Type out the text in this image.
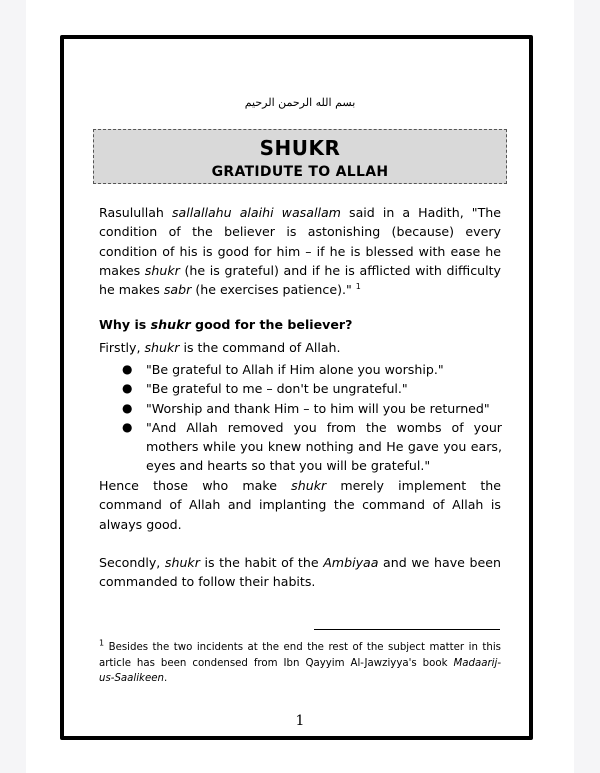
بسم الله الرحمن الرحيم
SHUKR
GRATIDUTE TO ALLAH
Rasulullah sallallahu alaihi wasallam said in a Hadith, "The
condition of the believer is astonishing (because) every
condition of his is good for him – if he is blessed with ease he
makes shukr (he is grateful) and if he is afflicted with difficulty
he makes sabr (he exercises patience)." $^1$
Why is shukr good for the believer?
Firstly, shukr is the command of Allah.
● "Be grateful to Allah if Him alone you worship."
● "Be grateful to me – don't be ungrateful."
● "Worship and thank Him – to him will you be returned"
● "And Allah removed you from the wombs of your
mothers while you knew nothing and He gave you ears,
eyes and hearts so that you will be grateful."
Hence those who make shukr merely implement the
command of Allah and implanting the command of Allah is
always good.
Secondly, shukr is the habit of the Ambiyaa and we have been
commanded to follow their habits.
$^1$ Besides the two incidents at the end the rest of the subject matter in this
article has been condensed from Ibn Qayyim Al-Jawziyya's book Madaarij-
us-Saalikeen.
1
